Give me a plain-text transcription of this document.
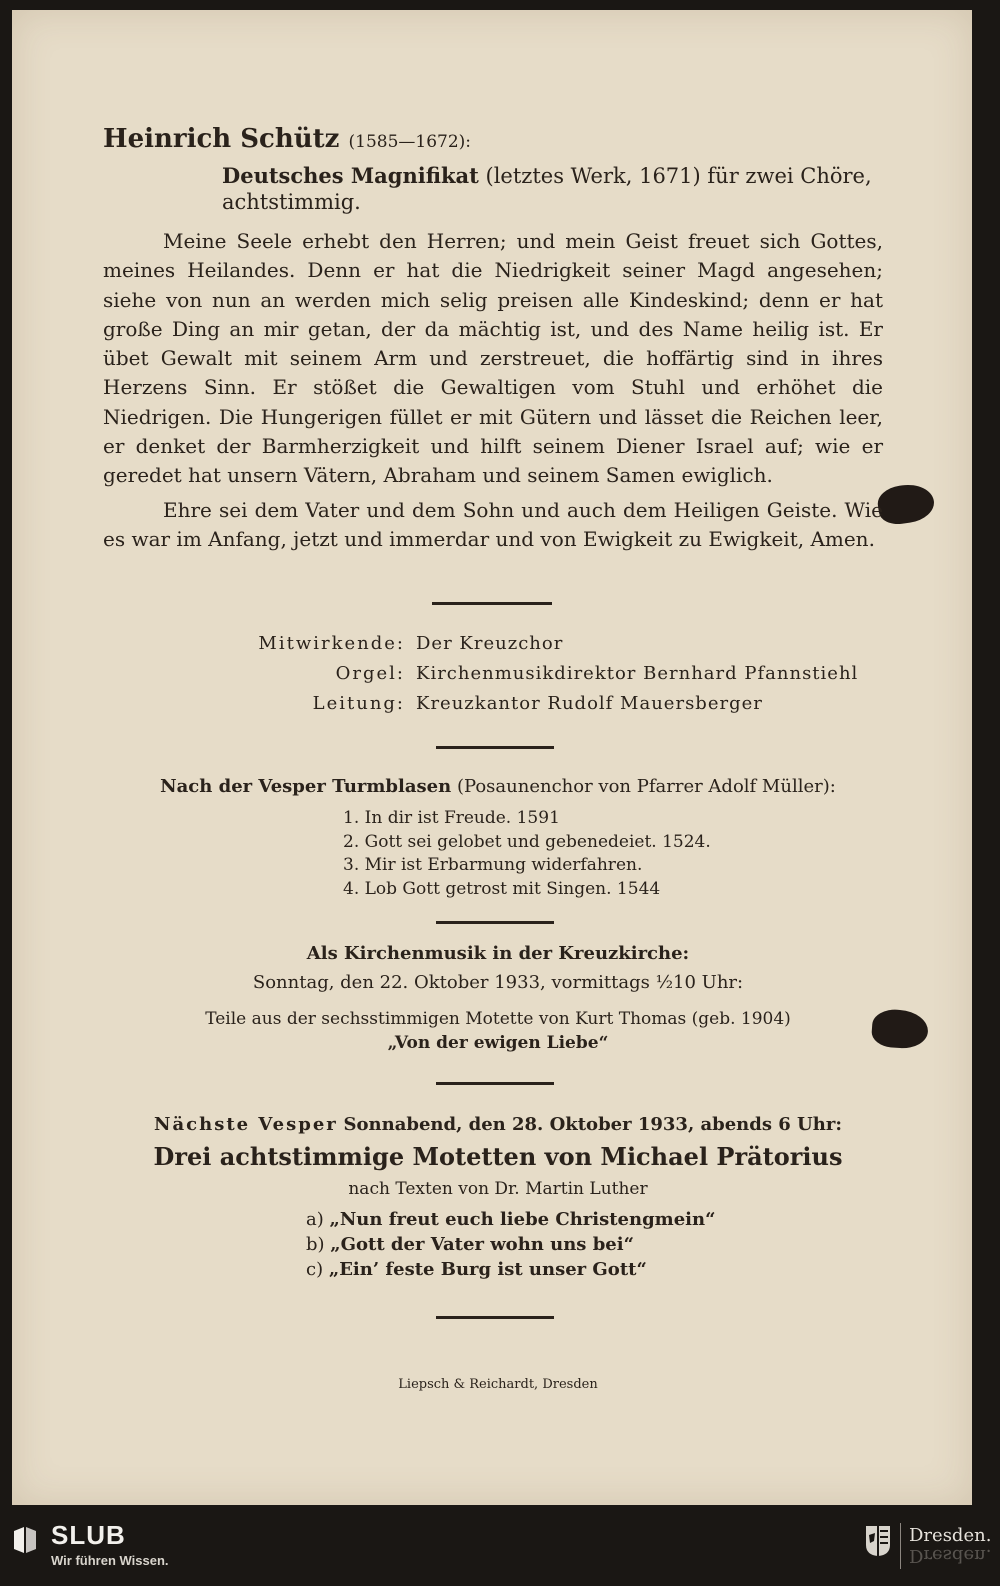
Heinrich Schütz (1585—1672):
Deutsches Magnifikat (letztes Werk, 1671) für zwei Chöre, achtstimmig.
Meine Seele erhebt den Herren; und mein Geist freuet sich Gottes, meines Heilandes. Denn er hat die Niedrigkeit seiner Magd angesehen; siehe von nun an werden mich selig preisen alle Kindeskind; denn er hat große Ding an mir getan, der da mächtig ist, und des Name heilig ist. Er übet Gewalt mit seinem Arm und zerstreuet, die hoffärtig sind in ihres Herzens Sinn. Er stößet die Gewaltigen vom Stuhl und erhöhet die Niedrigen. Die Hungerigen füllet er mit Gütern und lässet die Reichen leer, er denket der Barmherzigkeit und hilft seinem Diener Israel auf; wie er geredet hat unsern Vätern, Abraham und seinem Samen ewiglich.
Ehre sei dem Vater und dem Sohn und auch dem Heiligen Geiste. Wie es war im Anfang, jetzt und immerdar und von Ewigkeit zu Ewigkeit, Amen.
Mitwirkende: Der Kreuzchor
Orgel: Kirchenmusikdirektor Bernhard Pfannstiehl
Leitung: Kreuzkantor Rudolf Mauersberger
Nach der Vesper Turmblasen (Posaunenchor von Pfarrer Adolf Müller):
1. In dir ist Freude. 1591
2. Gott sei gelobet und gebenedeiet. 1524.
3. Mir ist Erbarmung widerfahren.
4. Lob Gott getrost mit Singen. 1544
Als Kirchenmusik in der Kreuzkirche:
Sonntag, den 22. Oktober 1933, vormittags ½10 Uhr:
Teile aus der sechsstimmigen Motette von Kurt Thomas (geb. 1904)
„Von der ewigen Liebe“
Nächste Vesper Sonnabend, den 28. Oktober 1933, abends 6 Uhr:
Drei achtstimmige Motetten von Michael Prätorius
nach Texten von Dr. Martin Luther
a) „Nun freut euch liebe Christengmein“
b) „Gott der Vater wohn uns bei“
c) „Ein’ feste Burg ist unser Gott“
Liepsch & Reichardt, Dresden
SLUB
Wir führen Wissen.
Dresden.
Dresden.
